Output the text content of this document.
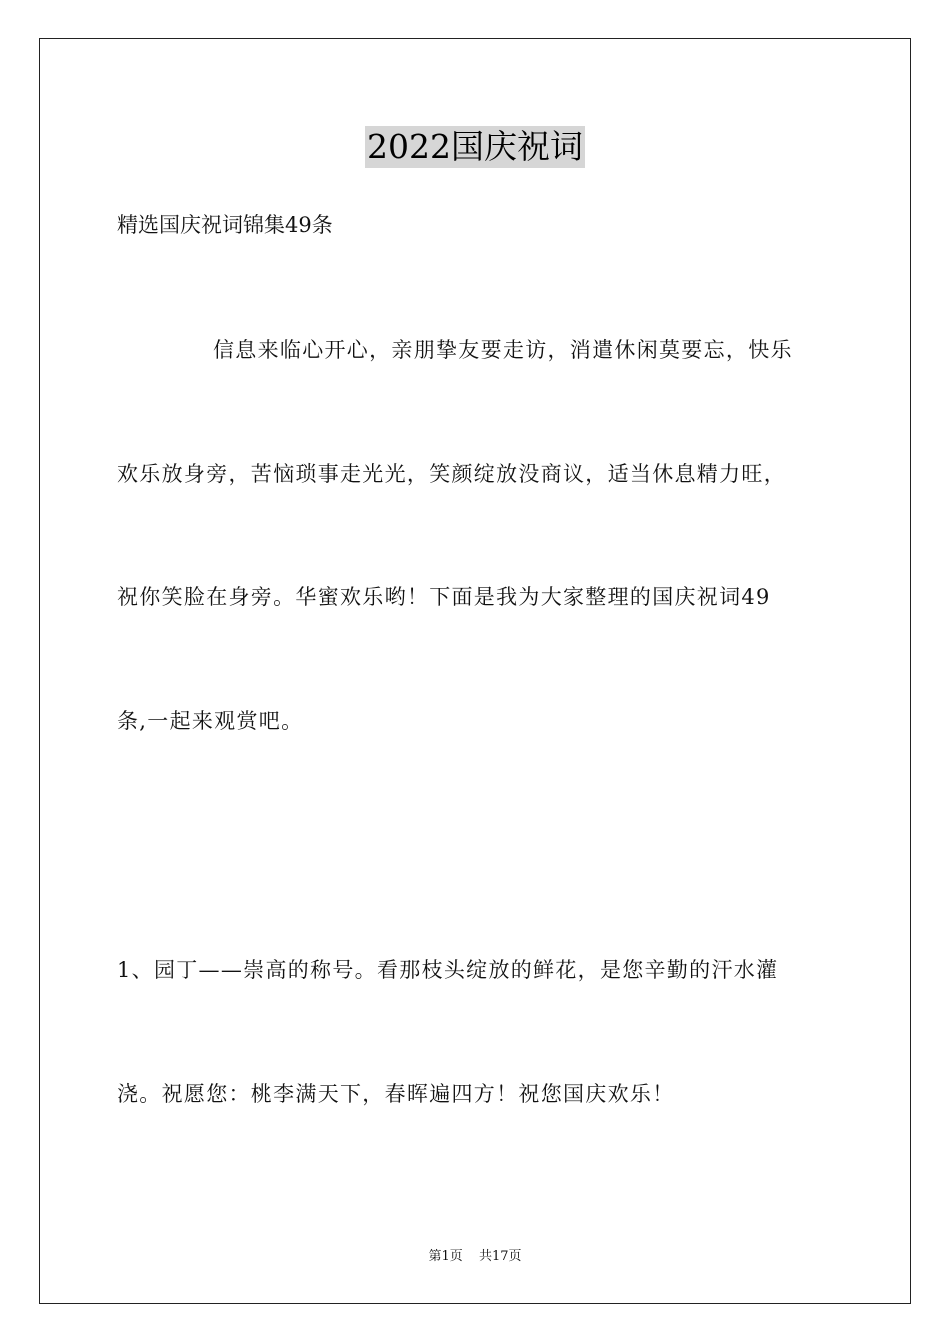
2022国庆祝词
精选国庆祝词锦集49条
信息来临心开心，亲朋挚友要走访，消遣休闲莫要忘，快乐
欢乐放身旁，苦恼琐事走光光，笑颜绽放没商议，适当休息精力旺，
祝你笑脸在身旁。华蜜欢乐哟！下面是我为大家整理的国庆祝词49
条,一起来观赏吧。
1、园丁——崇高的称号。看那枝头绽放的鲜花，是您辛勤的汗水灌
浇。祝愿您：桃李满天下，春晖遍四方！祝您国庆欢乐！
第1页 共17页
